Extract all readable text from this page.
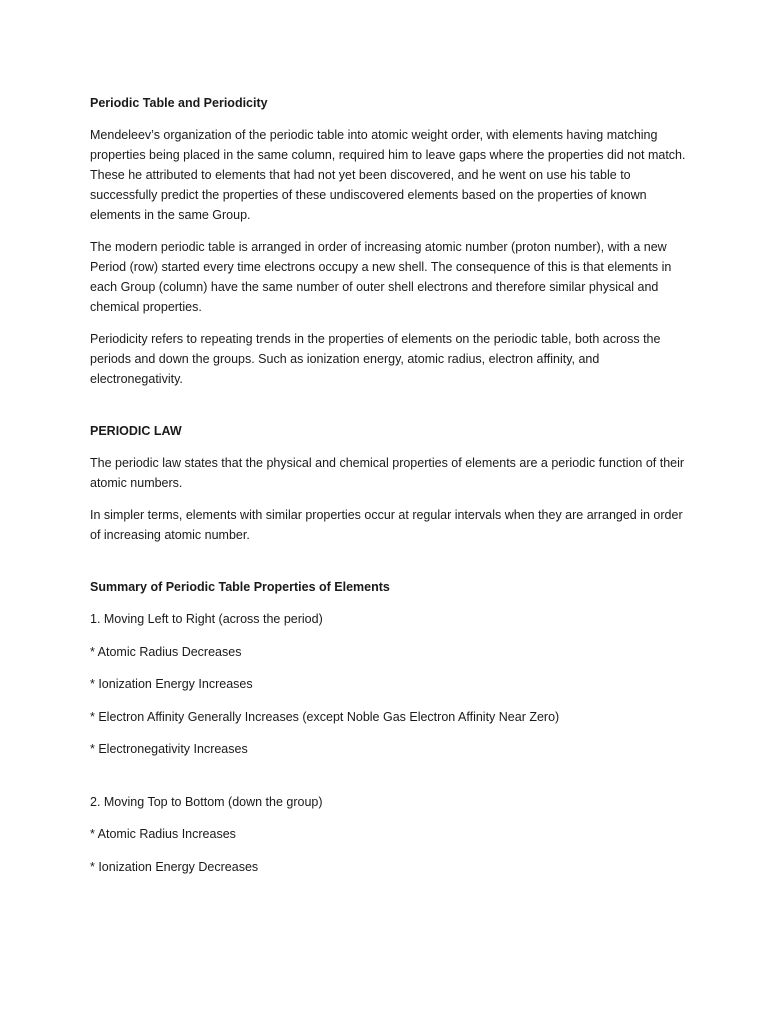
Periodic Table and Periodicity

Mendeleev’s organization of the periodic table into atomic weight order, with elements having matching properties being placed in the same column, required him to leave gaps where the properties did not match. These he attributed to elements that had not yet been discovered, and he went on use his table to successfully predict the properties of these undiscovered elements based on the properties of known elements in the same Group.

The modern periodic table is arranged in order of increasing atomic number (proton number), with a new Period (row) started every time electrons occupy a new shell. The consequence of this is that elements in each Group (column) have the same number of outer shell electrons and therefore similar physical and chemical properties.

Periodicity refers to repeating trends in the properties of elements on the periodic table, both across the periods and down the groups. Such as ionization energy, atomic radius, electron affinity, and electronegativity.

PERIODIC LAW

The periodic law states that the physical and chemical properties of elements are a periodic function of their atomic numbers.

In simpler terms, elements with similar properties occur at regular intervals when they are arranged in order of increasing atomic number.

Summary of Periodic Table Properties of Elements
1. Moving Left to Right (across the period)
* Atomic Radius Decreases
* Ionization Energy Increases
* Electron Affinity Generally Increases (except Noble Gas Electron Affinity Near Zero)
* Electronegativity Increases
2. Moving Top to Bottom (down the group)
* Atomic Radius Increases
* Ionization Energy Decreases
